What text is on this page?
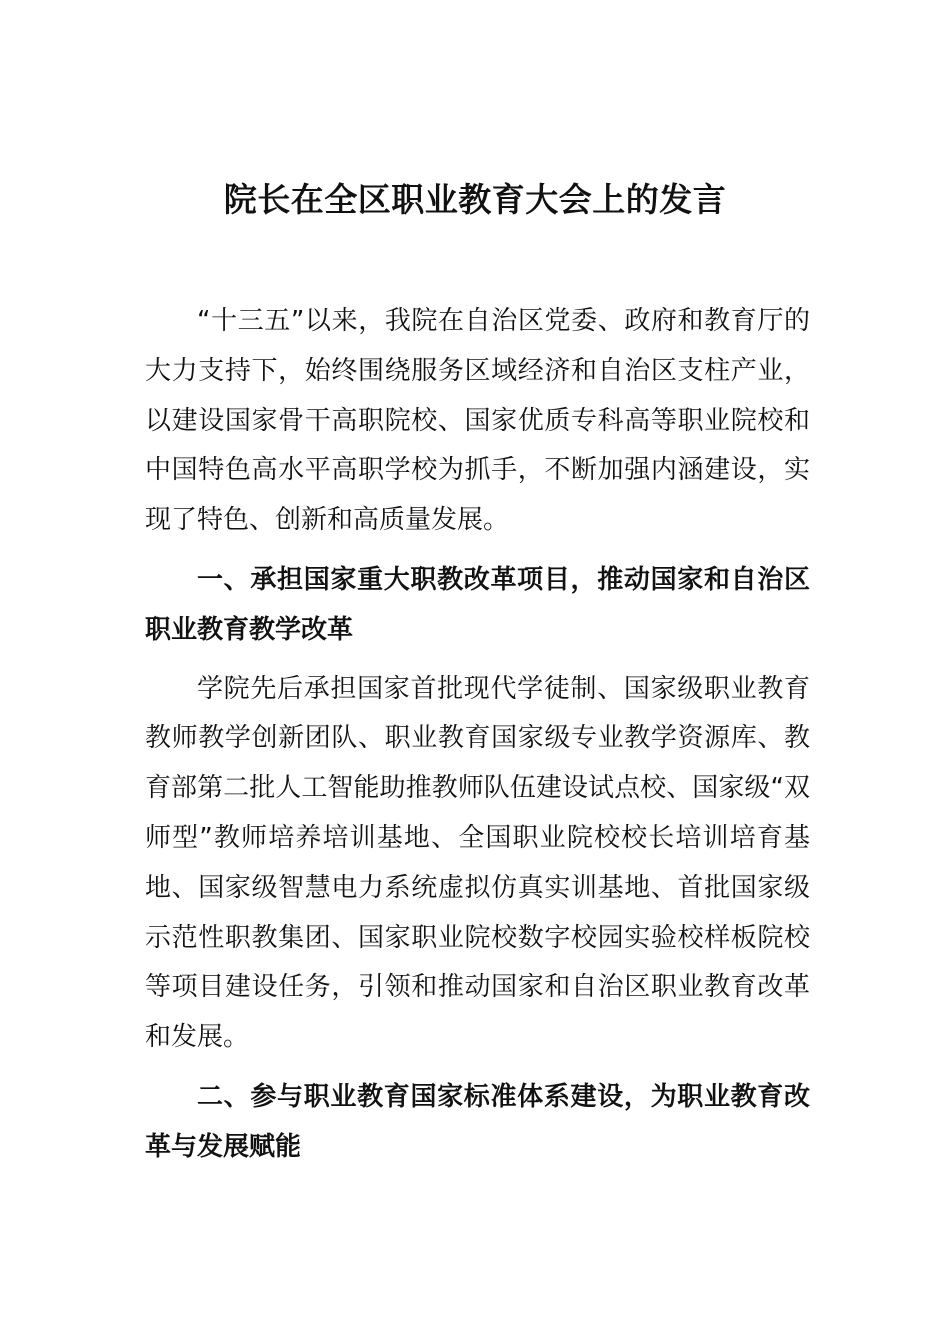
院长在全区职业教育大会上的发言

“十三五”以来，我院在自治区党委、政府和教育厅的大力支持下，始终围绕服务区域经济和自治区支柱产业，以建设国家骨干高职院校、国家优质专科高等职业院校和中国特色高水平高职学校为抓手，不断加强内涵建设，实现了特色、创新和高质量发展。

一、承担国家重大职教改革项目，推动国家和自治区职业教育教学改革

学院先后承担国家首批现代学徒制、国家级职业教育教师教学创新团队、职业教育国家级专业教学资源库、教育部第二批人工智能助推教师队伍建设试点校、国家级“双师型”教师培养培训基地、全国职业院校校长培训培育基地、国家级智慧电力系统虚拟仿真实训基地、首批国家级示范性职教集团、国家职业院校数字校园实验校样板院校等项目建设任务，引领和推动国家和自治区职业教育改革和发展。

二、参与职业教育国家标准体系建设，为职业教育改革与发展赋能
